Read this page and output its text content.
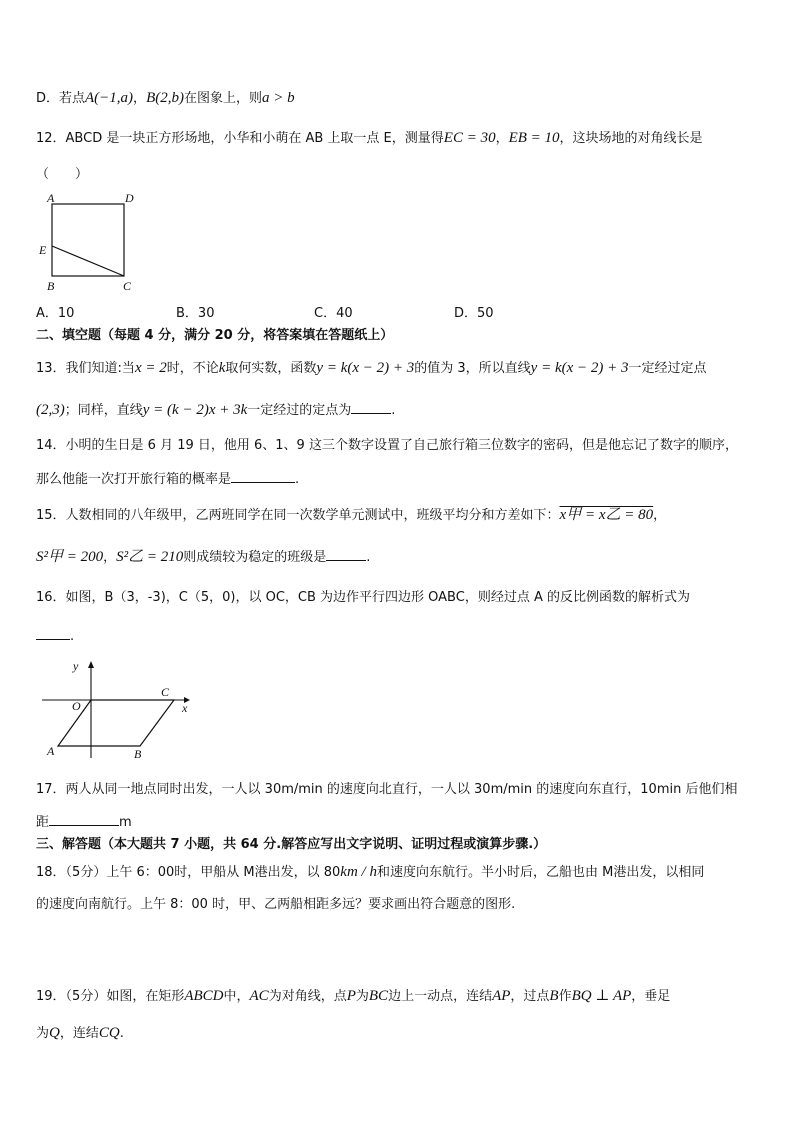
D．若点A(−1,a)，B(2,b)在图象上，则a > b
12．ABCD 是一块正方形场地，小华和小萌在 AB 上取一点 E，测量得EC = 30，EB = 10，这块场地的对角线长是
（　　）
A	D
E
B	C
A．10	B．30	C．40	D．50
二、填空题（每题 4 分，满分 20 分，将答案填在答题纸上）
13．我们知道:当x = 2时，不论k取何实数，函数y = k(x − 2) + 3的值为 3，所以直线y = k(x − 2) + 3一定经过定点
(2,3)；同样，直线y = (k − 2)x + 3k一定经过的定点为	.
14．小明的生日是 6 月 19 日，他用 6、1、9 这三个数字设置了自己旅行箱三位数字的密码，但是他忘记了数字的顺序，
那么他能一次打开旅行箱的概率是	.
15．人数相同的八年级甲，乙两班同学在同一次数学单元测试中，班级平均分和方差如下：x甲 = x乙 = 80，
S²甲 = 200，S²乙 = 210则成绩较为稳定的班级是	.
16．如图，B（3，-3)，C（5，0)，以 OC，CB 为边作平行四边形 OABC，则经过点 A 的反比例函数的解析式为
.
y
x
O
C
A	B
17．两人从同一地点同时出发，一人以 30m/min 的速度向北直行，一人以 30m/min 的速度向东直行，10min 后他们相
距	m
三、解答题（本大题共 7 小题，共 64 分.解答应写出文字说明、证明过程或演算步骤.）
18．（5分）上午 6：00时，甲船从 M港出发，以 80km / h和速度向东航行。半小时后，乙船也由 M港出发，以相同
的速度向南航行。上午 8：00 时，甲、乙两船相距多远？要求画出符合题意的图形.
19．（5分）如图，在矩形ABCD中，AC为对角线，点P为BC边上一动点，连结AP，过点B作BQ ⊥ AP，垂足
为Q，连结CQ.
